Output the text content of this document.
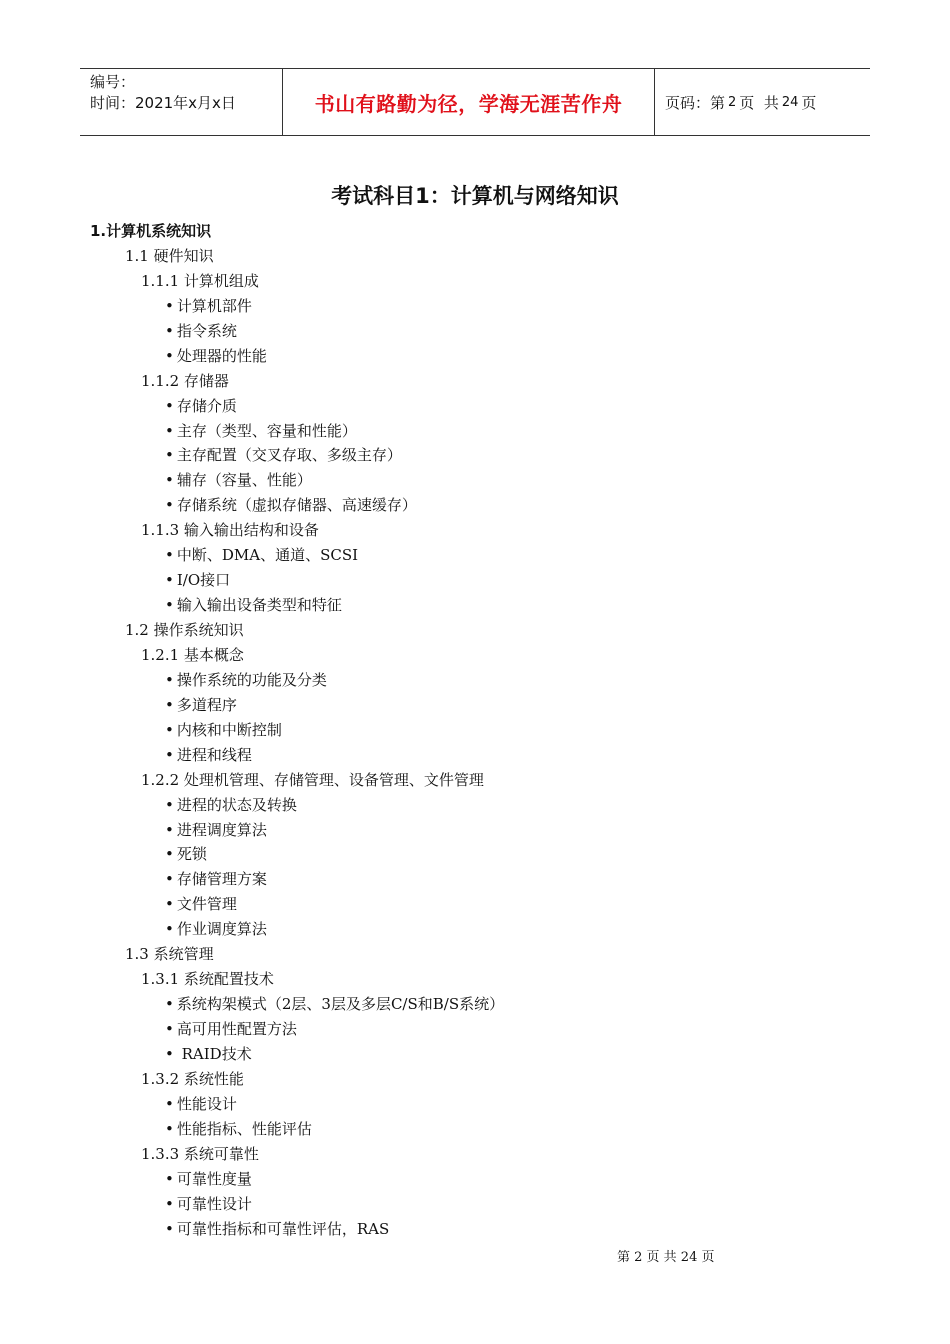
编号：
时间：2021年x月x日	书山有路勤为径，学海无涯苦作舟	页码：第 2 页  共 24 页
考试科目1：计算机与网络知识
1.计算机系统知识
1.1 硬件知识
1.1.1 计算机组成
• 计算机部件
• 指令系统
• 处理器的性能
1.1.2 存储器
• 存储介质
• 主存（类型、容量和性能）
• 主存配置（交叉存取、多级主存）
• 辅存（容量、性能）
• 存储系统（虚拟存储器、高速缓存）
1.1.3 输入输出结构和设备
• 中断、DMA、通道、SCSI
• I/O接口
• 输入输出设备类型和特征
1.2 操作系统知识
1.2.1 基本概念
• 操作系统的功能及分类
• 多道程序
• 内核和中断控制
• 进程和线程
1.2.2 处理机管理、存储管理、设备管理、文件管理
• 进程的状态及转换
• 进程调度算法
• 死锁
• 存储管理方案
• 文件管理
• 作业调度算法
1.3 系统管理
1.3.1 系统配置技术
• 系统构架模式（2层、3层及多层C/S和B/S系统）
• 高可用性配置方法
• RAID技术
1.3.2 系统性能
• 性能设计
• 性能指标、性能评估
1.3.3 系统可靠性
• 可靠性度量
• 可靠性设计
• 可靠性指标和可靠性评估，RAS
第 2 页 共 24 页
